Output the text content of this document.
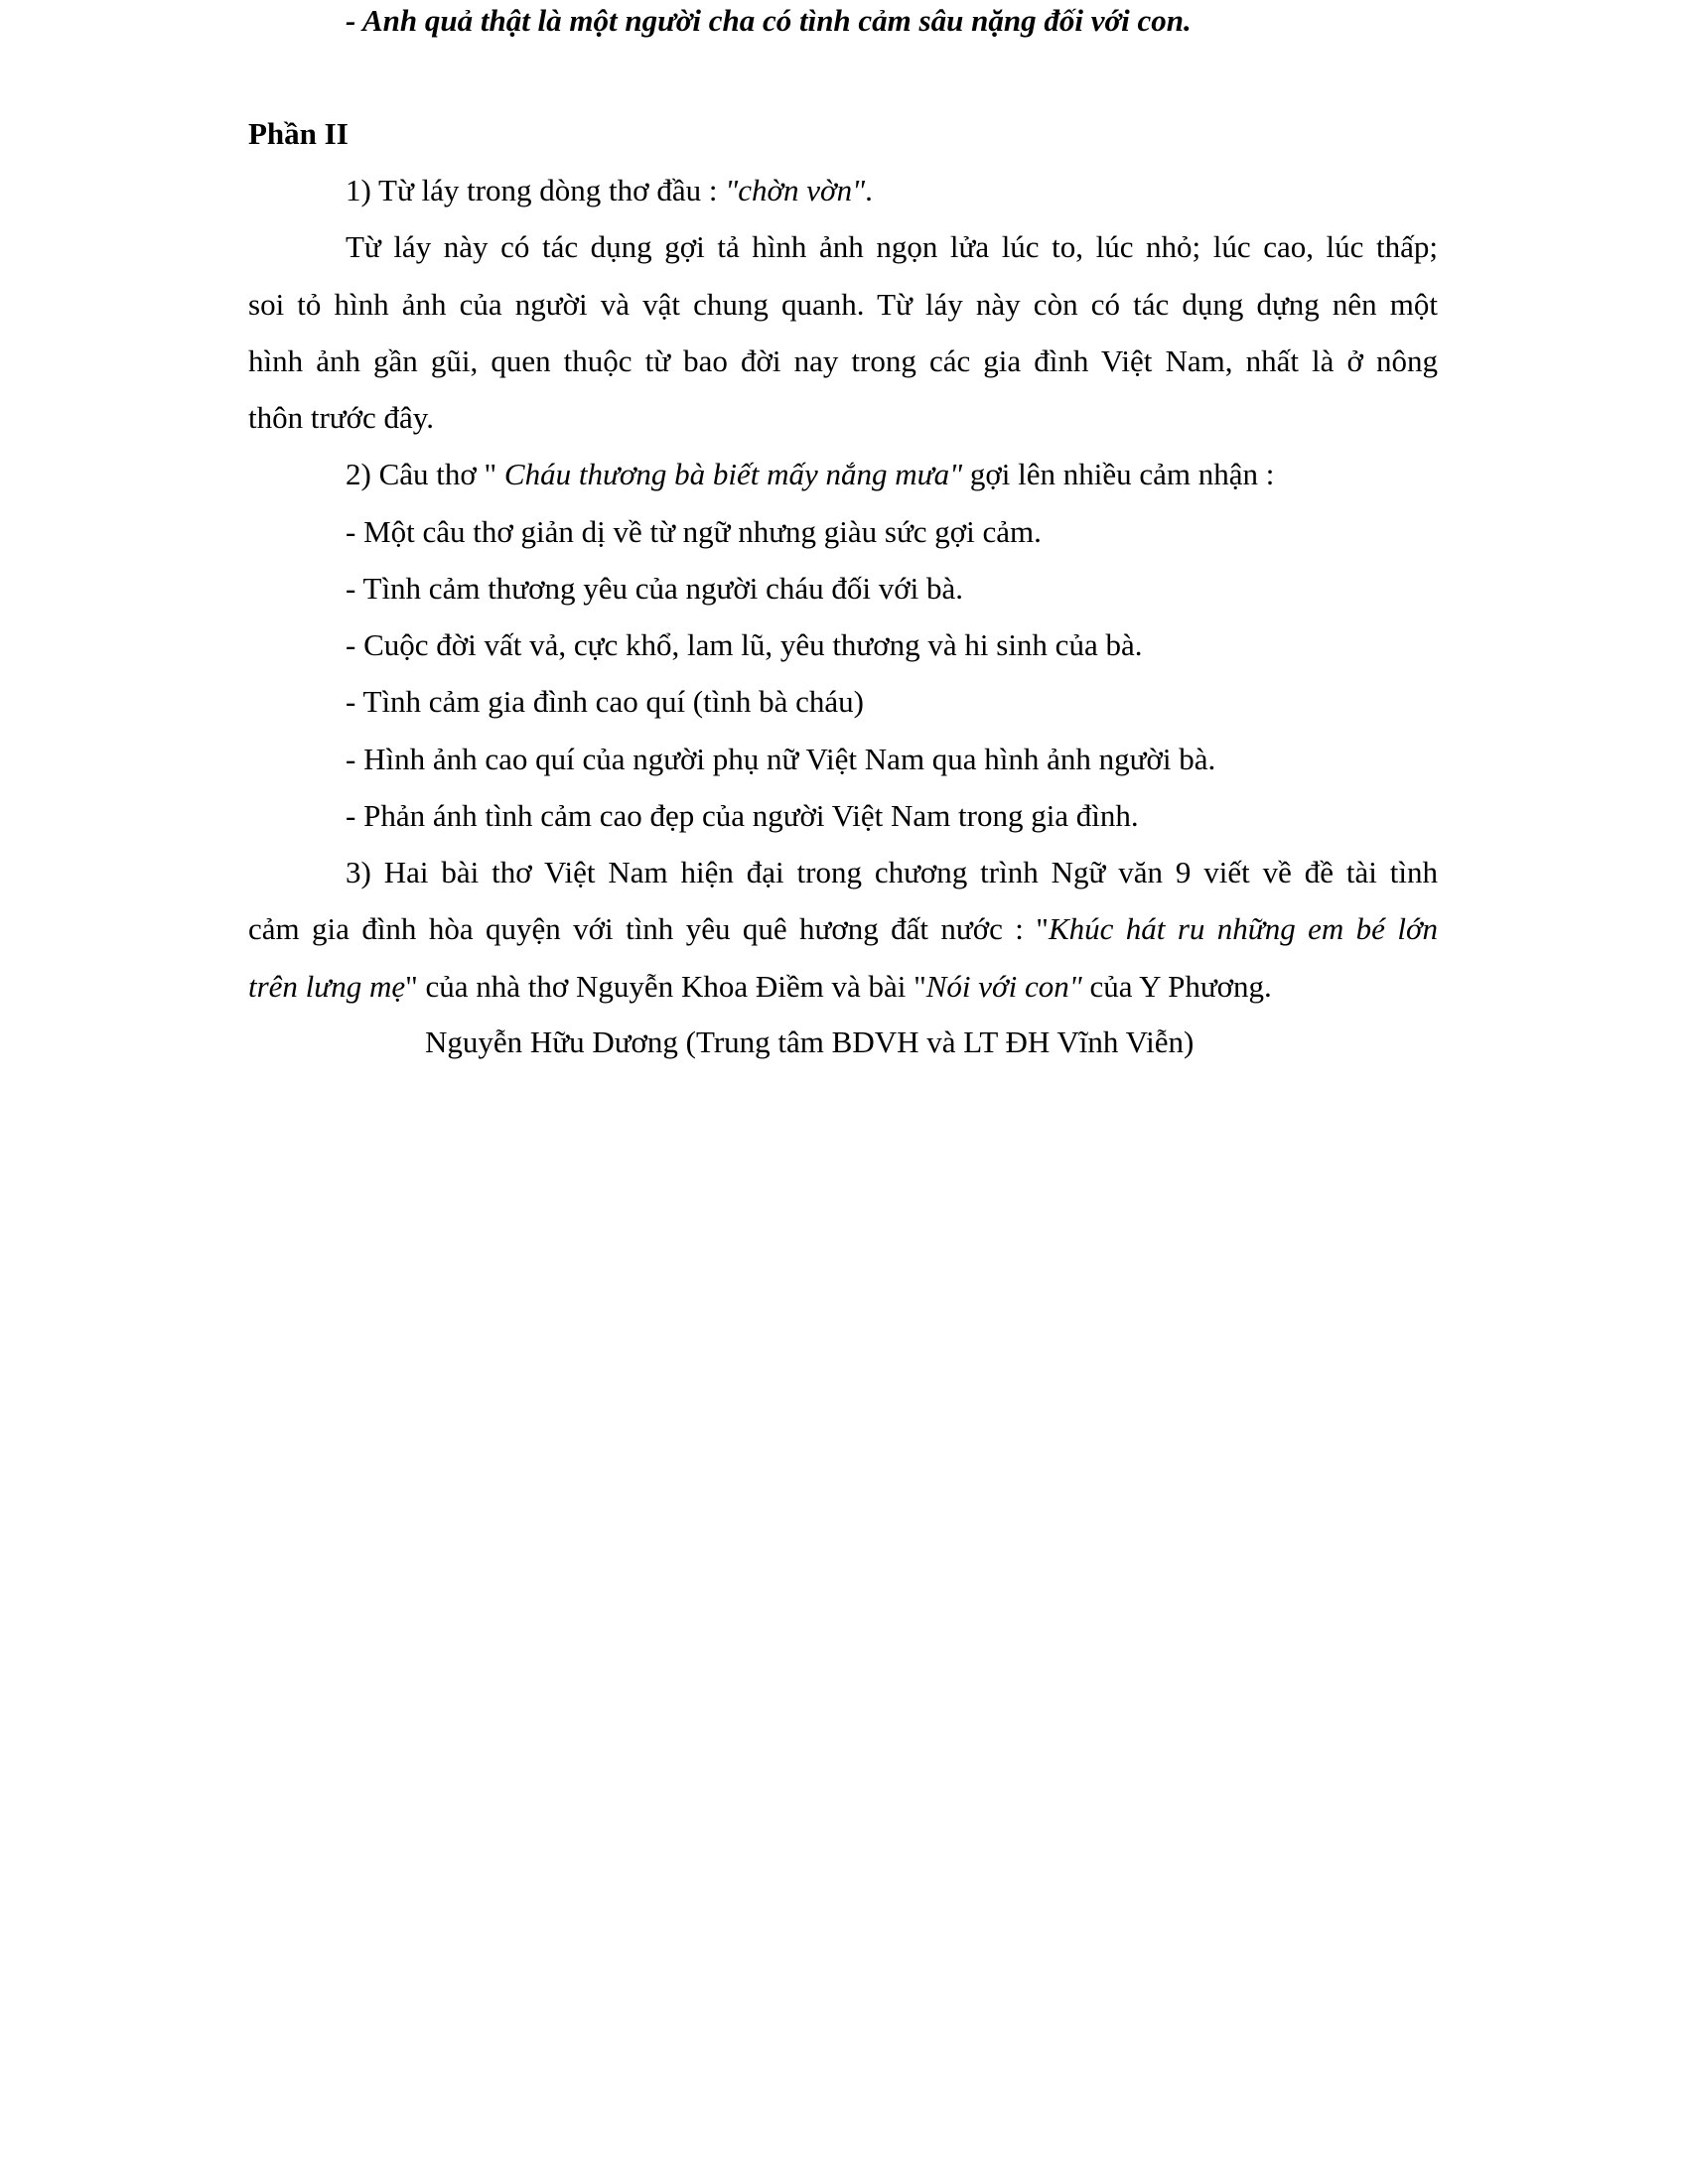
- Anh quả thật là một người cha có tình cảm sâu nặng đối với con.
Phần II
1) Từ láy trong dòng thơ đầu : "chờn vờn".
Từ láy này có tác dụng gợi tả hình ảnh ngọn lửa lúc to, lúc nhỏ; lúc cao, lúc thấp;
soi tỏ hình ảnh của người và vật chung quanh. Từ láy này còn có tác dụng dựng nên một
hình ảnh gần gũi, quen thuộc từ bao đời nay trong các gia đình Việt Nam, nhất là ở nông
thôn trước đây.
2) Câu thơ " Cháu thương bà biết mấy nắng mưa" gợi lên nhiều cảm nhận :
- Một câu thơ giản dị về từ ngữ nhưng giàu sức gợi cảm.
- Tình cảm thương yêu của người cháu đối với bà.
- Cuộc đời vất vả, cực khổ, lam lũ, yêu thương và hi sinh của bà.
- Tình cảm gia đình cao quí (tình bà cháu)
- Hình ảnh cao quí của người phụ nữ Việt Nam qua hình ảnh người bà.
- Phản ánh tình cảm cao đẹp của người Việt Nam trong gia đình.
3) Hai bài thơ Việt Nam hiện đại trong chương trình Ngữ văn 9 viết về đề tài tình
cảm gia đình hòa quyện với tình yêu quê hương đất nước : "Khúc hát ru những em bé lớn
trên lưng mẹ" của nhà thơ Nguyễn Khoa Điềm và bài "Nói với con" của Y Phương.
Nguyễn Hữu Dương (Trung tâm BDVH và LT ĐH Vĩnh Viễn)
